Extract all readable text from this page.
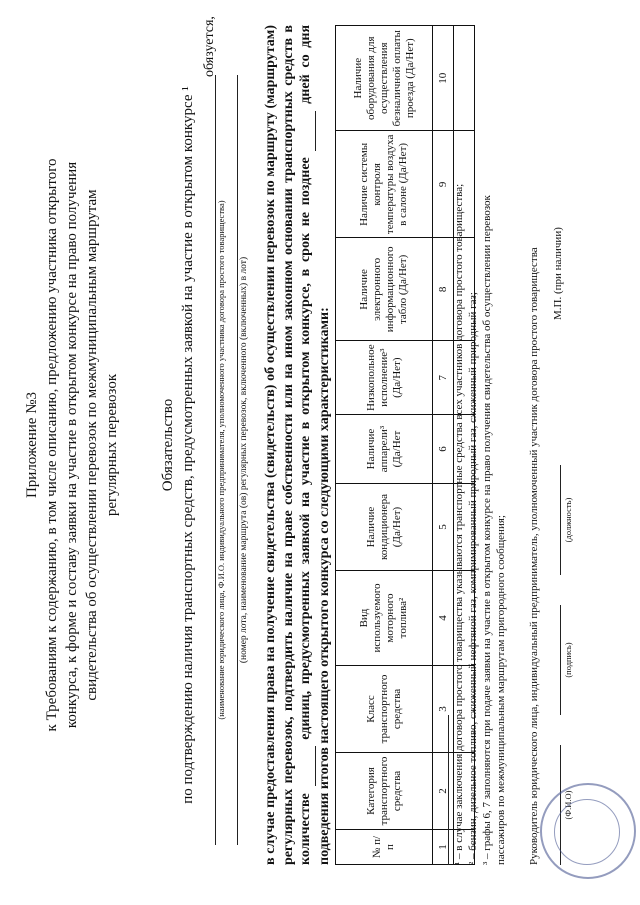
Приложение №3 к Требованиям к содержанию, в том числе описанию, предложению участника открытого конкурса, к форме и составу заявки на участие в открытом конкурсе на право получения свидетельства об осуществлении перевозок по межмуниципальным маршрутам регулярных перевозок	Обязательство по подтверждению наличия транспортных средств, предусмотренных заявкой на участие в открытом конкурсе ¹ (наименование юридического лица, Ф.И.О. индивидуального предпринимателя, уполномоченного участника договора простого товарищества)
обязуется,
(номер лота, наименование маршрута (ов) регулярных перевозок, включенного (включенных) в лот) в случае предоставления права на получение свидетельства (свидетельств) об осуществлении перевозок по маршруту (маршрутам) регулярных перевозок, подтвердить наличие на праве собственности или на ином законном основании транспортных средств в количестве   единиц, предусмотренных заявкой на участие в открытом конкурсе, в срок не позднее   дней со дня подведения итогов настоящего открытого конкурса со следующими характеристиками:	№ п/п	Категория транспортного средства	Класс транспортного средства	Вид используемого моторного топлива²	Наличие кондиционера (Да/Нет)	Наличие аппарели³ (Да/Нет	Низкопольное исполнение³ (Да/Нет)	Наличие электронного информационного табло (Да/Нет)	Наличие системы контроля температуры воздуха в салоне (Да/Нет)	Наличие оборудования для осуществления безналичной оплаты проезда (Да/Нет)
1	2	3	4	5	6	7	8	9	10

¹ – в случае заключения договора простого товарищества указываются транспортные средства всех участников договора простого товарищества; ² – бензин, дизельное топливо, сжиженный нефтяной газ, компримированный природный газ, сжиженный природный газ; ³ – графы 6, 7 заполняются при подаче заявки на участие в открытом конкурсе на право получения свидетельства об осуществлении перевозок пассажиров по межмуниципальным маршрутам пригородного сообщения; Руководитель юридического лица, индивидуальный предприниматель, уполномоченный участник договора простого товарищества	(Ф.И.О)
(подпись)
(должность)
М.П. (при наличии)
